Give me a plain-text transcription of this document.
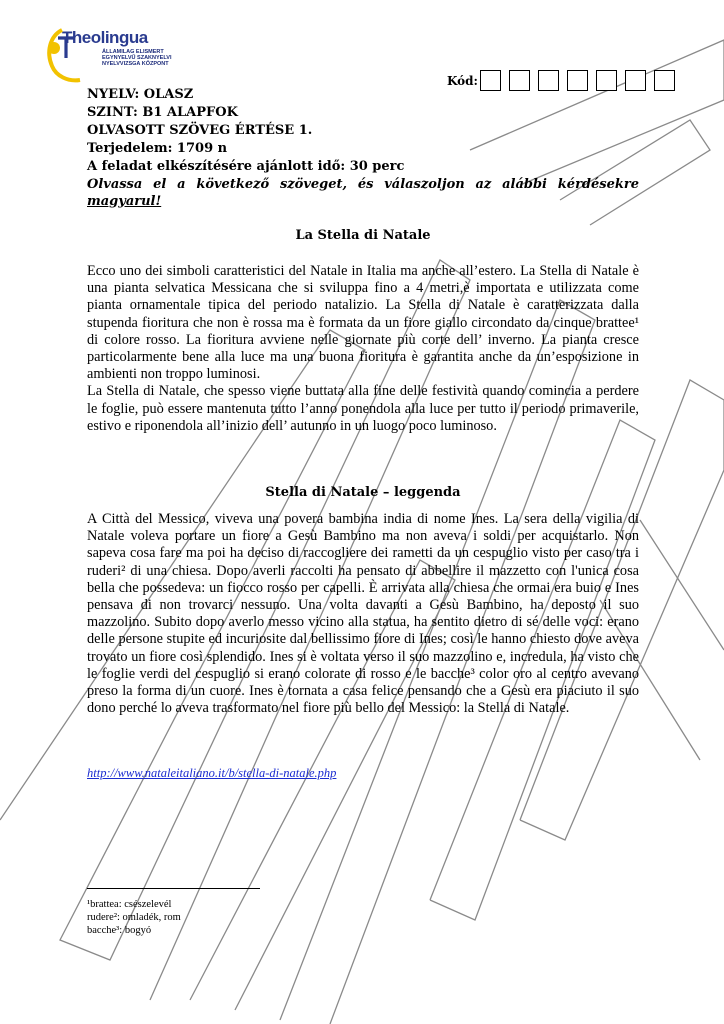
Theolingua
ÁLLAMILAG ELISMERT
EGYNYELVŰ SZAKNYELVI
NYELVVIZSGA KÖZPONT
Kód:

NYELV: OLASZ

SZINT: B1 ALAPFOK

OLVASOTT SZÖVEG ÉRTÉSE 1.

Terjedelem: 1709 n

A feladat elkészítésére ajánlott idő: 30 perc

Olvassa el a következő szöveget, és válaszoljon az alábbi kérdésekre magyarul!

La Stella di Natale

Ecco uno dei simboli caratteristici del Natale in Italia ma anche all’estero. La Stella di Natale è una pianta selvatica Messicana che si sviluppa fino a 4 metri,è importata e utilizzata come pianta ornamentale tipica del periodo natalizio. La Stella di Natale è caratterizzata dalla stupenda fioritura che non è rossa ma è formata da un fiore giallo circondato da cinque brattee¹ di colore rosso. La fioritura avviene nelle giornate più corte dell’ inverno. La pianta cresce particolarmente bene alla luce ma una buona fioritura è garantita anche da un’esposizione in ambienti non troppo luminosi.

La Stella di Natale, che spesso viene buttata alla fine delle festività quando comincia a perdere le foglie, può essere mantenuta tutto l’anno ponendola alla luce per tutto il periodo primaverile, estivo e riponendola all’inizio dell’ autunno in un luogo poco luminoso.

Stella di Natale – leggenda

A Città del Messico, viveva una povera bambina india di nome Ines. La sera della vigilia di Natale voleva portare un fiore a Gesù Bambino ma non aveva i soldi per acquistarlo. Non sapeva cosa fare ma poi ha deciso di raccogliere dei rametti da un cespuglio visto per caso tra i ruderi² di una chiesa. Dopo averli raccolti ha pensato di abbellire il mazzetto con l'unica cosa bella che possedeva: un fiocco rosso per capelli. È arrivata alla chiesa che ormai era buio e Ines pensava di non trovarci nessuno. Una volta davanti a Gesù Bambino, ha deposto il suo mazzolino. Subito dopo averlo messo vicino alla statua, ha sentito dietro di sé delle voci: erano delle persone stupite ed incuriosite dal bellissimo fiore di Ines; così le hanno chiesto dove aveva trovato un fiore così splendido. Ines si è voltata verso il suo mazzolino e, incredula, ha visto che le foglie verdi del cespuglio si erano colorate di rosso e le bacche³ color oro al centro avevano preso la forma di un cuore. Ines è tornata a casa felice pensando che a Gesù era piaciuto il suo dono perché lo aveva trasformato nel fiore più bello del Messico: la Stella di Natale.

http://www.nataleitaliano.it/b/stella-di-natale.php
¹brattea: csészelevél
rudere²: omladék, rom
bacche³: bogyó
